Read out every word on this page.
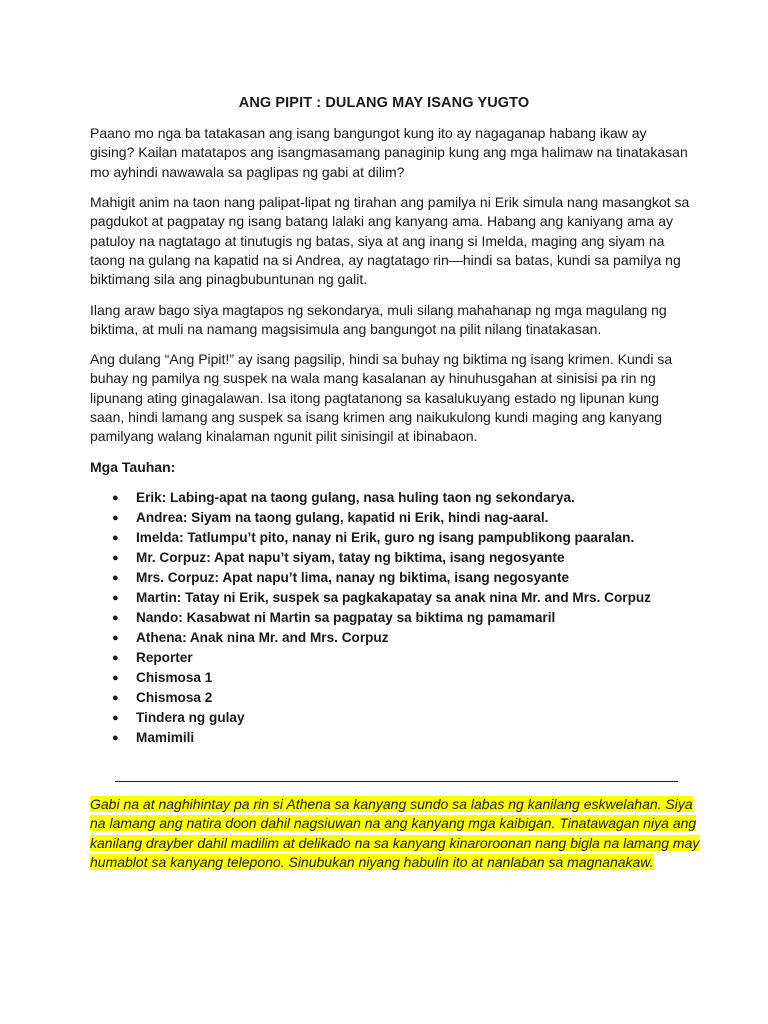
ANG PIPIT : DULANG MAY ISANG YUGTO

Paano mo nga ba tatakasan ang isang bangungot kung ito ay nagaganap habang ikaw ay gising? Kailan matatapos ang isangmasamang panaginip kung ang mga halimaw na tinatakasan mo ayhindi nawawala sa paglipas ng gabi at dilim?

Mahigit anim na taon nang palipat-lipat ng tirahan ang pamilya ni Erik simula nang masangkot sa pagdukot at pagpatay ng isang batang lalaki ang kanyang ama. Habang ang kaniyang ama ay patuloy na nagtatago at tinutugis ng batas, siya at ang inang si Imelda, maging ang siyam na taong na gulang na kapatid na si Andrea, ay nagtatago rin—hindi sa batas, kundi sa pamilya ng biktimang sila ang pinagbubuntunan ng galit.

Ilang araw bago siya magtapos ng sekondarya, muli silang mahahanap ng mga magulang ng biktima, at muli na namang magsisimula ang bangungot na pilit nilang tinatakasan.

Ang dulang “Ang Pipit!” ay isang pagsilip, hindi sa buhay ng biktima ng isang krimen. Kundi sa buhay ng pamilya ng suspek na wala mang kasalanan ay hinuhusgahan at sinisisi pa rin ng lipunang ating ginagalawan. Isa itong pagtatanong sa kasalukuyang estado ng lipunan kung saan, hindi lamang ang suspek sa isang krimen ang naikukulong kundi maging ang kanyang pamilyang walang kinalaman ngunit pilit sinisingil at ibinabaon.

Mga Tauhan:

● Erik: Labing-apat na taong gulang, nasa huling taon ng sekondarya.
● Andrea: Siyam na taong gulang, kapatid ni Erik, hindi nag-aaral.
● Imelda: Tatlumpu’t pito, nanay ni Erik, guro ng isang pampublikong paaralan.
● Mr. Corpuz: Apat napu’t siyam, tatay ng biktima, isang negosyante
● Mrs. Corpuz: Apat napu’t lima, nanay ng biktima, isang negosyante
● Martin: Tatay ni Erik, suspek sa pagkakapatay sa anak nina Mr. and Mrs. Corpuz
● Nando: Kasabwat ni Martin sa pagpatay sa biktima ng pamamaril
● Athena: Anak nina Mr. and Mrs. Corpuz
● Reporter
● Chismosa 1
● Chismosa 2
● Tindera ng gulay
● Mamimili

Gabi na at naghihintay pa rin si Athena sa kanyang sundo sa labas ng kanilang eskwelahan. Siya na lamang ang natira doon dahil nagsiuwan na ang kanyang mga kaibigan. Tinatawagan niya ang kanilang drayber dahil madilim at delikado na sa kanyang kinaroroonan nang bigla na lamang may humablot sa kanyang telepono. Sinubukan niyang habulin ito at nanlaban sa magnanakaw.
